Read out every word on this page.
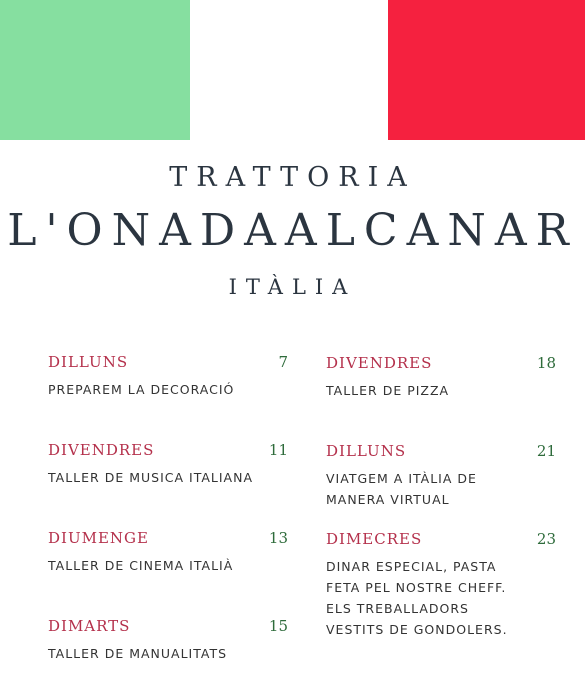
TRATTORIA
L'ONADAALCANAR
ITÀLIA
DILLUNS	7
PREPAREM LA DECORACIÓ
DIVENDRES	11
TALLER DE MUSICA ITALIANA
DIUMENGE	13
TALLER DE CINEMA ITALIÀ
DIMARTS	15
TALLER DE MANUALITATS
DIVENDRES	18
TALLER DE PIZZA
DILLUNS	21
VIATGEM A ITÀLIA DE
MANERA VIRTUAL
DIMECRES	23
DINAR ESPECIAL, PASTA
FETA PEL NOSTRE CHEFF.
ELS TREBALLADORS
VESTITS DE GONDOLERS.
